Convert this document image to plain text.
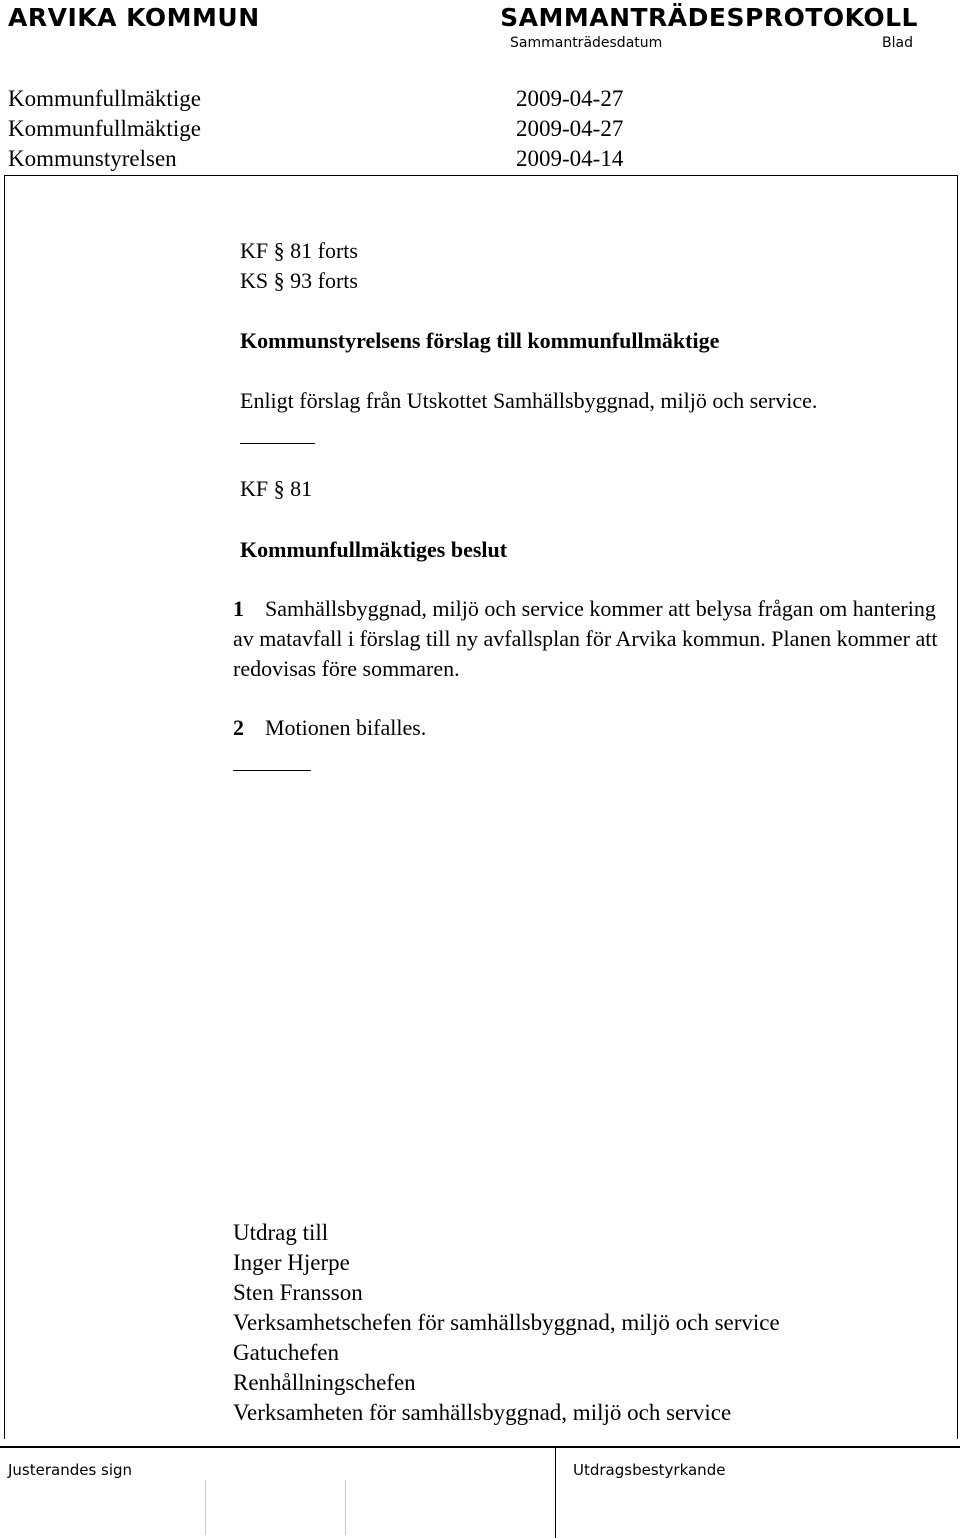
ARVIKA KOMMUN	SAMMANTRÄDESPROTOKOLL
Sammanträdesdatum	Blad
Kommunfullmäktige	2009-04-27
Kommunfullmäktige	2009-04-27
Kommunstyrelsen	2009-04-14
KF § 81 forts
KS § 93 forts
Kommunstyrelsens förslag till kommunfullmäktige
Enligt förslag från Utskottet Samhällsbyggnad, miljö och service.
KF § 81
Kommunfullmäktiges beslut
1 Samhällsbyggnad, miljö och service kommer att belysa frågan om hantering av matavfall i förslag till ny avfallsplan för Arvika kommun. Planen kommer att redovisas före sommaren.
2 Motionen bifalles.
Utdrag till
Inger Hjerpe
Sten Fransson
Verksamhetschefen för samhällsbyggnad, miljö och service
Gatuchefen
Renhållningschefen
Verksamheten för samhällsbyggnad, miljö och service
Justerandes sign	Utdragsbestyrkande
